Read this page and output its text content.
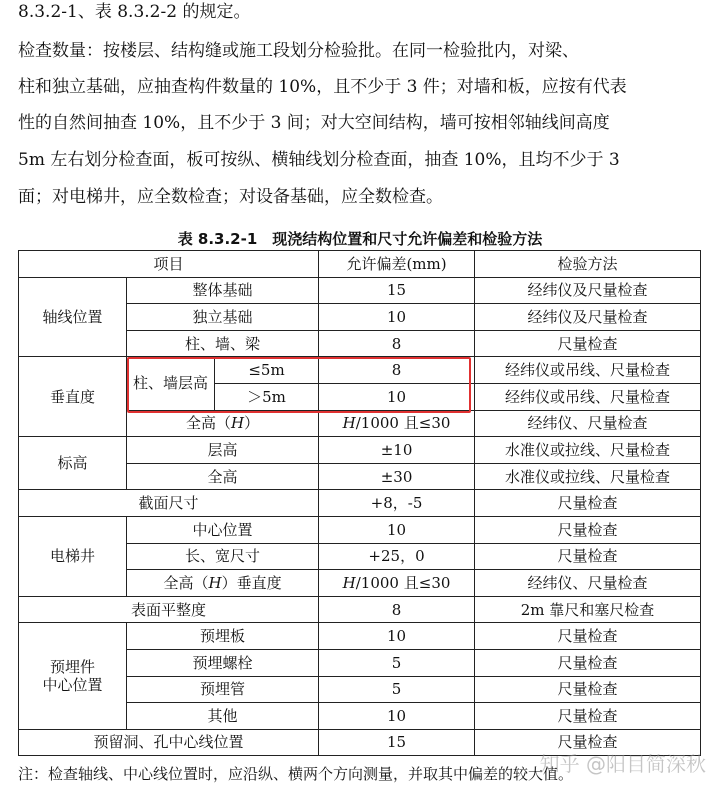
8.3.2-1、表 8.3.2-2 的规定。
检查数量：按楼层、结构缝或施工段划分检验批。在同一检验批内，对梁、
柱和独立基础，应抽查构件数量的 10%，且不少于 3 件；对墙和板，应按有代表
性的自然间抽查 10%，且不少于 3 间；对大空间结构，墙可按相邻轴线间高度
5m 左右划分检查面，板可按纵、横轴线划分检查面，抽查 10%，且均不少于 3
面；对电梯井，应全数检查；对设备基础，应全数检查。
表 8.3.2-1　现浇结构位置和尺寸允许偏差和检验方法
项目			允许偏差(mm)	检验方法
轴线位置	整体基础		15	经纬仪及尺量检查
	独立基础		10	经纬仪及尺量检查
	柱、墙、梁		8	尺量检查
垂直度	柱、墙层高	≤5m	8	经纬仪或吊线、尺量检查
		＞5m	10	经纬仪或吊线、尺量检查
	全高（H）		H/1000 且≤30	经纬仪、尺量检查
标高	层高		±10	水准仪或拉线、尺量检查
	全高		±30	水准仪或拉线、尺量检查
截面尺寸			+8，-5	尺量检查
电梯井	中心位置		10	尺量检查
	长、宽尺寸		+25，0	尺量检查
	全高（H）垂直度		H/1000 且≤30	经纬仪、尺量检查
表面平整度			8	2m 靠尺和塞尺检查
预埋件
中心位置	预埋板		10	尺量检查
	预埋螺栓		5	尺量检查
	预埋管		5	尺量检查
	其他		10	尺量检查
预留洞、孔中心线位置			15	尺量检查
注：检查轴线、中心线位置时，应沿纵、横两个方向测量，并取其中偏差的较大值。
知乎 @阳目简深秋
